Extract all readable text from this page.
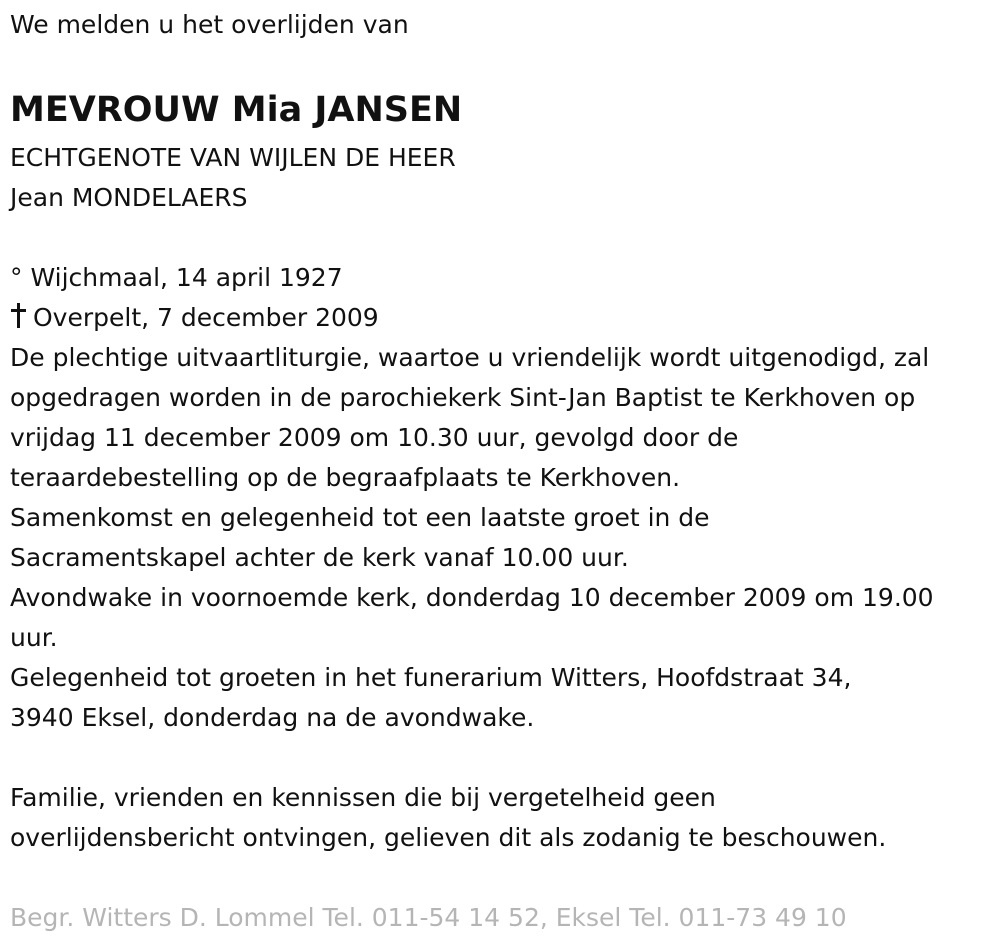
We melden u het overlijden van
MEVROUW Mia JANSEN
ECHTGENOTE VAN WIJLEN DE HEER
Jean MONDELAERS
° Wijchmaal, 14 april 1927
Overpelt, 7 december 2009
De plechtige uitvaartliturgie, waartoe u vriendelijk wordt uitgenodigd, zal
opgedragen worden in de parochiekerk Sint-Jan Baptist te Kerkhoven op
vrijdag 11 december 2009 om 10.30 uur, gevolgd door de
teraardebestelling op de begraafplaats te Kerkhoven.
Samenkomst en gelegenheid tot een laatste groet in de
Sacramentskapel achter de kerk vanaf 10.00 uur.
Avondwake in voornoemde kerk, donderdag 10 december 2009 om 19.00
uur.
Gelegenheid tot groeten in het funerarium Witters, Hoofdstraat 34,
3940 Eksel, donderdag na de avondwake.
Familie, vrienden en kennissen die bij vergetelheid geen
overlijdensbericht ontvingen, gelieven dit als zodanig te beschouwen.
Begr. Witters D. Lommel Tel. 011-54 14 52, Eksel Tel. 011-73 49 10
